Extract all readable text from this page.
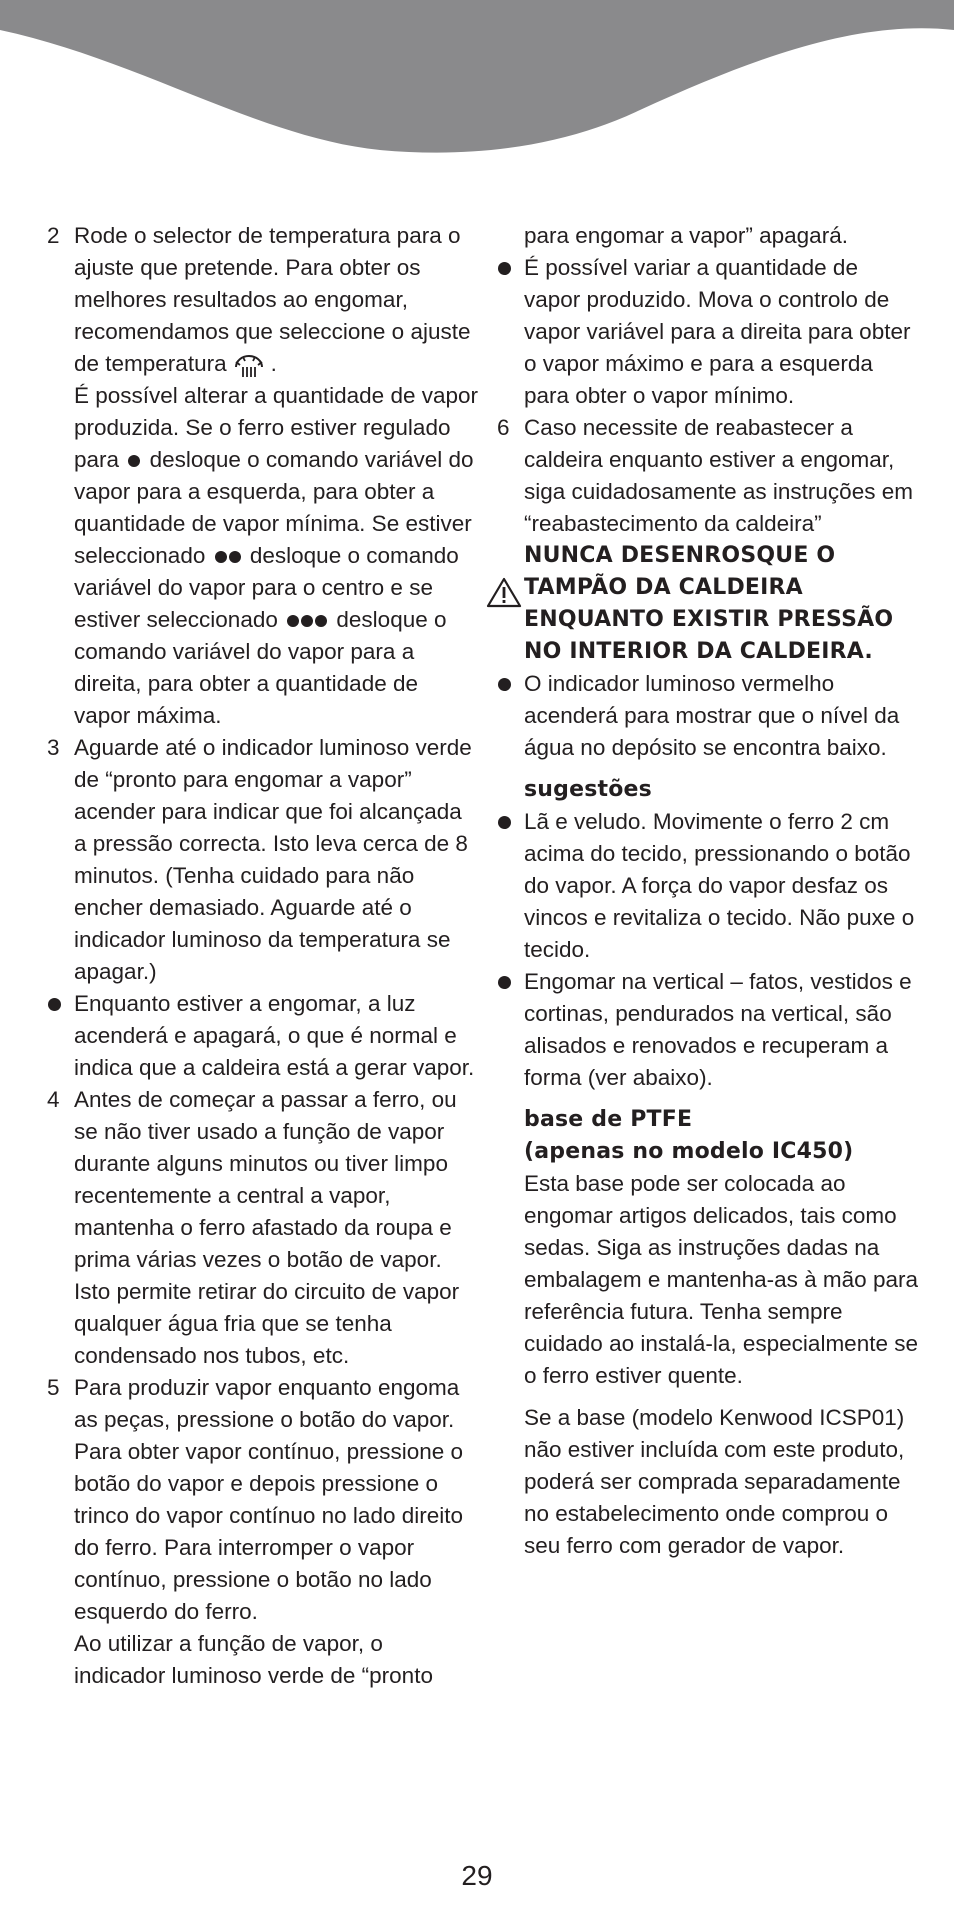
2 Rode o selector de temperatura para o ajuste que pretende. Para obter os melhores resultados ao engomar, recomendamos que seleccione o ajuste de temperatura .
É possível alterar a quantidade de vapor produzida. Se o ferro estiver regulado para desloque o comando variável do vapor para a esquerda, para obter a quantidade de vapor mínima. Se estiver seleccionado desloque o comando variável do vapor para o centro e se estiver seleccionado	desloque o comando variável do vapor para a direita, para obter a quantidade de vapor máxima.
3 Aguarde até o indicador luminoso verde de “pronto para engomar a vapor” acender para indicar que foi alcançada a pressão correcta. Isto leva cerca de 8 minutos. (Tenha cuidado para não encher demasiado. Aguarde até o indicador luminoso da temperatura se apagar.)
Enquanto estiver a engomar, a luz acenderá e apagará, o que é normal e indica que a caldeira está a gerar vapor.
4 Antes de começar a passar a ferro, ou se não tiver usado a função de vapor durante alguns minutos ou tiver limpo recentemente a central a vapor, mantenha o ferro afastado da roupa e prima várias vezes o botão de vapor. Isto permite retirar do circuito de vapor qualquer água fria que se tenha condensado nos tubos, etc.
5 Para produzir vapor enquanto engoma as peças, pressione o botão do vapor. Para obter vapor contínuo, pressione o botão do vapor e depois pressione o trinco do vapor contínuo no lado direito do ferro. Para interromper o vapor contínuo, pressione o botão no lado esquerdo do ferro.
Ao utilizar a função de vapor, o indicador luminoso verde de “pronto
para engomar a vapor” apagará.
É possível variar a quantidade de vapor produzido. Mova o controlo de vapor variável para a direita para obter o vapor máximo e para a esquerda para obter o vapor mínimo.
6 Caso necessite de reabastecer a caldeira enquanto estiver a engomar, siga cuidadosamente as instruções em “reabastecimento da caldeira”
NUNCA DESENROSQUE O TAMPÃO DA CALDEIRA ENQUANTO EXISTIR PRESSÃO NO INTERIOR DA CALDEIRA.
O indicador luminoso vermelho acenderá para mostrar que o nível da água no depósito se encontra baixo.
sugestões
Lã e veludo. Movimente o ferro 2 cm acima do tecido, pressionando o botão do vapor. A força do vapor desfaz os vincos e revitaliza o tecido. Não puxe o tecido.
Engomar na vertical – fatos, vestidos e cortinas, pendurados na vertical, são alisados e renovados e recuperam a forma (ver abaixo).
base de PTFE
(apenas no modelo IC450)
Esta base pode ser colocada ao engomar artigos delicados, tais como sedas. Siga as instruções dadas na embalagem e mantenha-as à mão para referência futura. Tenha sempre cuidado ao instalá-la, especialmente se o ferro estiver quente.
Se a base (modelo Kenwood ICSP01) não estiver incluída com este produto, poderá ser comprada separadamente no estabelecimento onde comprou o seu ferro com gerador de vapor.
29
